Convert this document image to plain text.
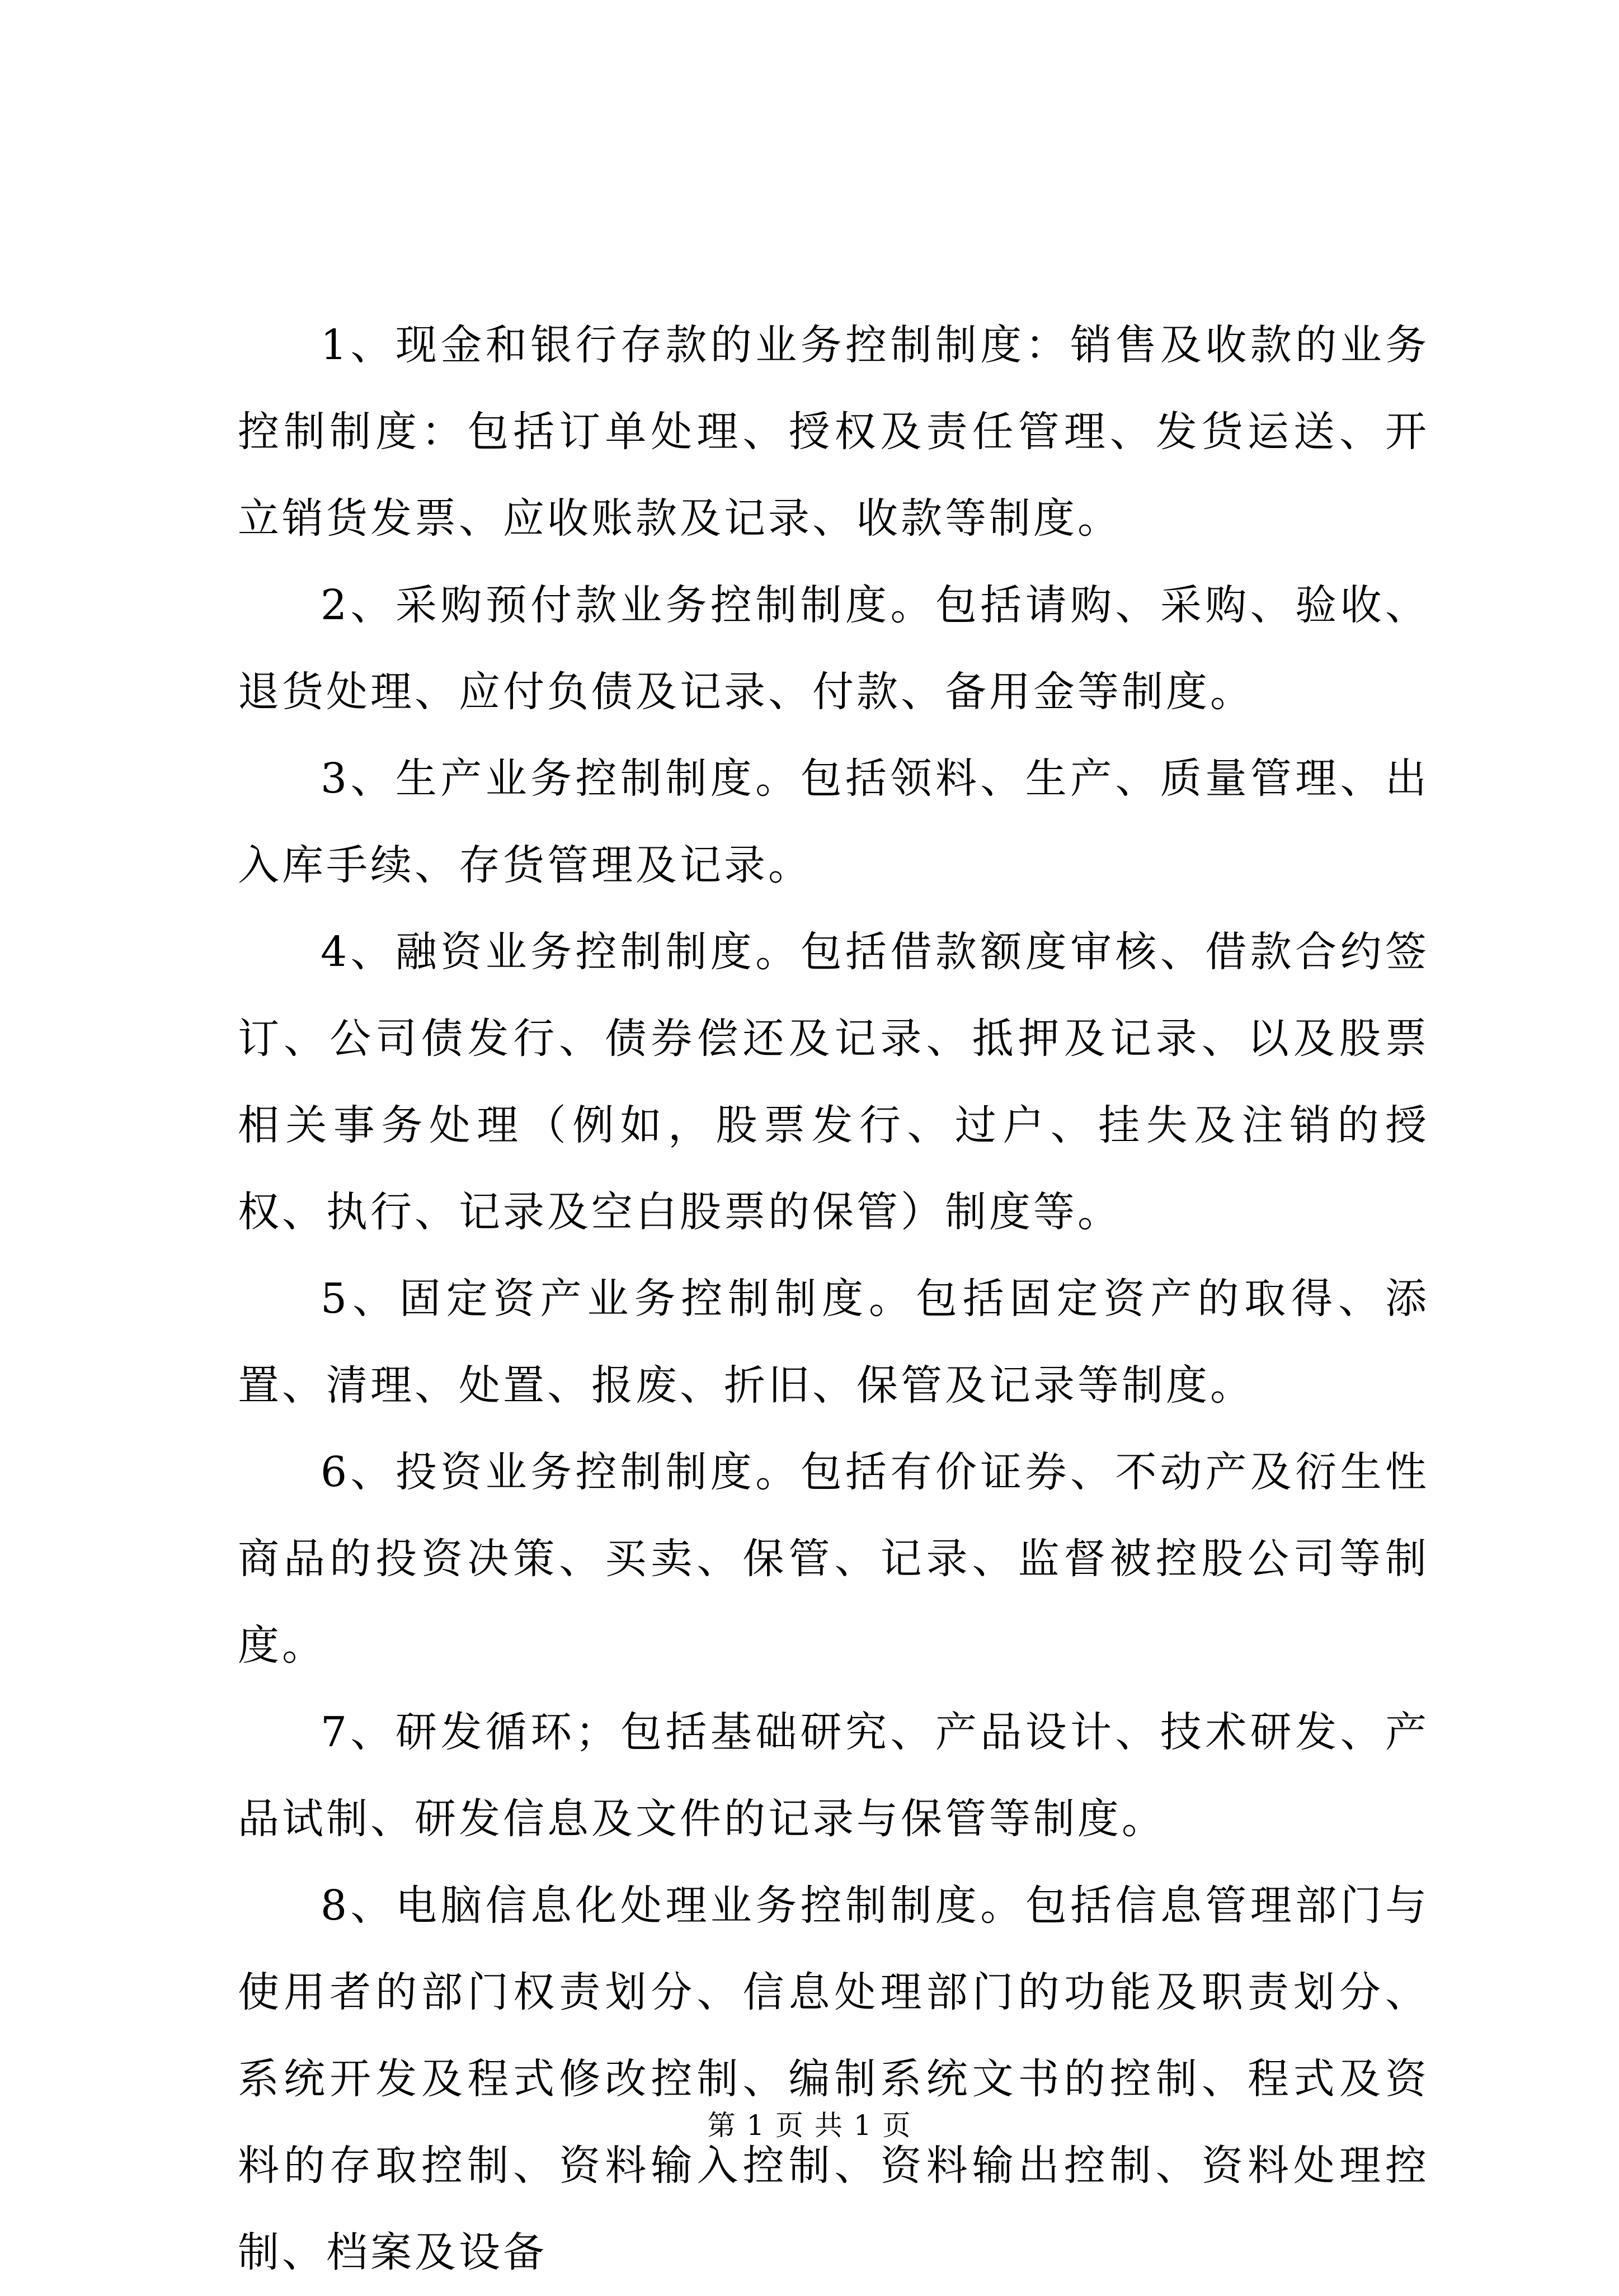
1、现金和银行存款的业务控制制度：销售及收款的业务控制制度：包括订单处理、授权及责任管理、发货运送、开立销货发票、应收账款及记录、收款等制度。

2、采购预付款业务控制制度。包括请购、采购、验收、退货处理、应付负债及记录、付款、备用金等制度。

3、生产业务控制制度。包括领料、生产、质量管理、出入库手续、存货管理及记录。

4、融资业务控制制度。包括借款额度审核、借款合约签订、公司债发行、债券偿还及记录、抵押及记录、以及股票相关事务处理（例如，股票发行、过户、挂失及注销的授权、执行、记录及空白股票的保管）制度等。

5、固定资产业务控制制度。包括固定资产的取得、添置、清理、处置、报废、折旧、保管及记录等制度。

6、投资业务控制制度。包括有价证券、不动产及衍生性商品的投资决策、买卖、保管、记录、监督被控股公司等制度。

7、研发循环；包括基础研究、产品设计、技术研发、产品试制、研发信息及文件的记录与保管等制度。

8、电脑信息化处理业务控制制度。包括信息管理部门与使用者的部门权责划分、信息处理部门的功能及职责划分、系统开发及程式修改控制、编制系统文书的控制、程式及资料的存取控制、资料输入控制、资料输出控制、资料处理控制、档案及设备

第 1 页 共 1 页
